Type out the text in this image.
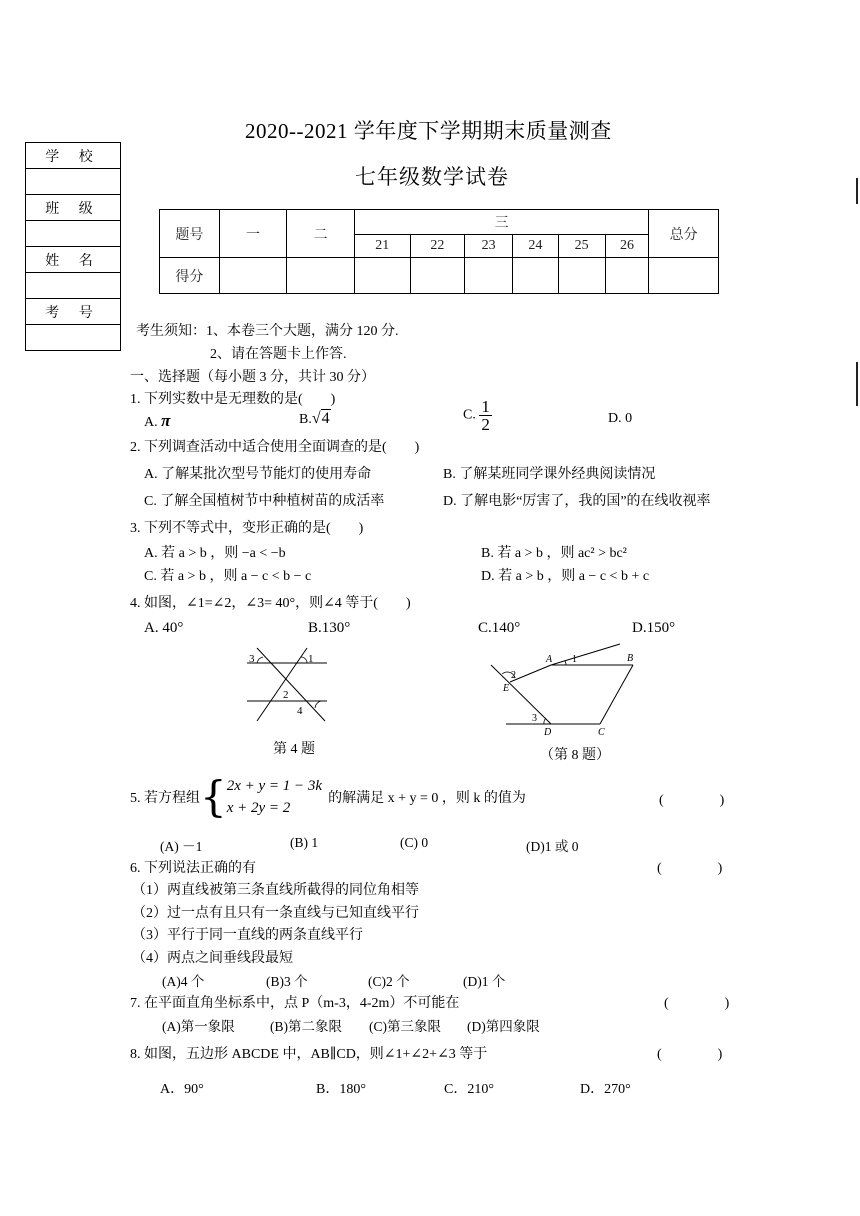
2020--2021 学年度下学期期末质量测查
七年级数学试卷
学 校

班 级

姓 名

考 号

题号	一	二	三						总分
			21	22	23	24	25	26	
得分									
考生须知：1、本卷三个大题，满分 120 分.
2、请在答题卡上作答.
一、选择题（每小题 3 分，共计 30 分）
1. 下列实数中是无理数的是(　　)
A. π	B.√4	C. $\frac{1}{2}$	D. 0
2. 下列调查活动中适合使用全面调查的是(　　)
A. 了解某批次型号节能灯的使用寿命	B. 了解某班同学课外经典阅读情况
C. 了解全国植树节中种植树苗的成活率	D. 了解电影“厉害了，我的国”的在线收视率
3. 下列不等式中，变形正确的是(　　)
A. 若 a > b ，则 −a < −b	B. 若 a > b ，则 ac² > bc²
C. 若 a > b ，则 a − c < b − c	D. 若 a > b ，则 a − c < b + c
4. 如图，∠1=∠2，∠3= 40°，则∠4 等于(　　)
A. 40°	B.130°	C.140°	D.150°
3	1
2
4
第 4 题
A 1	B
2
E
3
D	C
（第 8 题）
5. 若方程组 { 2x + y = 1 − 3k
x + 2y = 2
的解满足 x + y = 0 ，则 k 的值为	(　　　　)
(A) －1	(B) 1	(C) 0	(D)1 或 0
6. 下列说法正确的有	(　　　　)
（1）两直线被第三条直线所截得的同位角相等
（2）过一点有且只有一条直线与已知直线平行
（3）平行于同一直线的两条直线平行
（4）两点之间垂线段最短
(A)4 个	(B)3 个	(C)2 个	(D)1 个
7. 在平面直角坐标系中，点 P（m-3，4-2m）不可能在	(　　　　)
(A)第一象限	(B)第二象限 (C)第三象限 (D)第四象限
8. 如图，五边形 ABCDE 中，AB∥CD，则∠1+∠2+∠3 等于	(　　　　)
A．90°	B．180°	C．210°	D．270°
